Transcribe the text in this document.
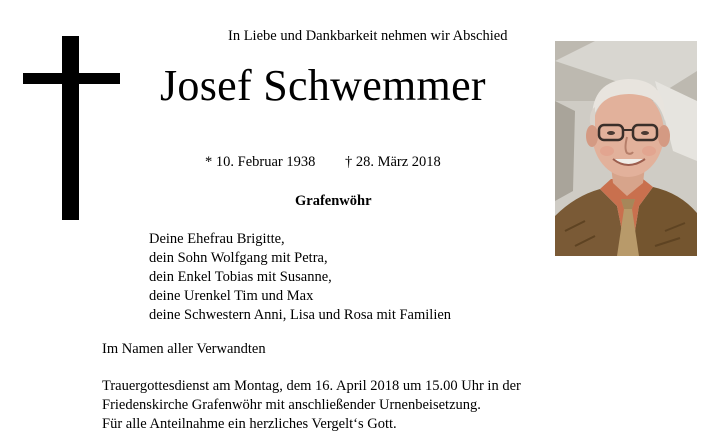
In Liebe und Dankbarkeit nehmen wir Abschied
Josef Schwemmer
* 10. Februar 1938 † 28. März 2018
Grafenwöhr
Deine Ehefrau Brigitte,
dein Sohn Wolfgang mit Petra,
dein Enkel Tobias mit Susanne,
deine Urenkel Tim und Max
deine Schwestern Anni, Lisa und Rosa mit Familien
Im Namen aller Verwandten
Trauergottesdienst am Montag, dem 16. April 2018 um 15.00 Uhr in der
Friedenskirche Grafenwöhr mit anschließender Urnenbeisetzung.
Für alle Anteilnahme ein herzliches Vergelt‘s Gott.
